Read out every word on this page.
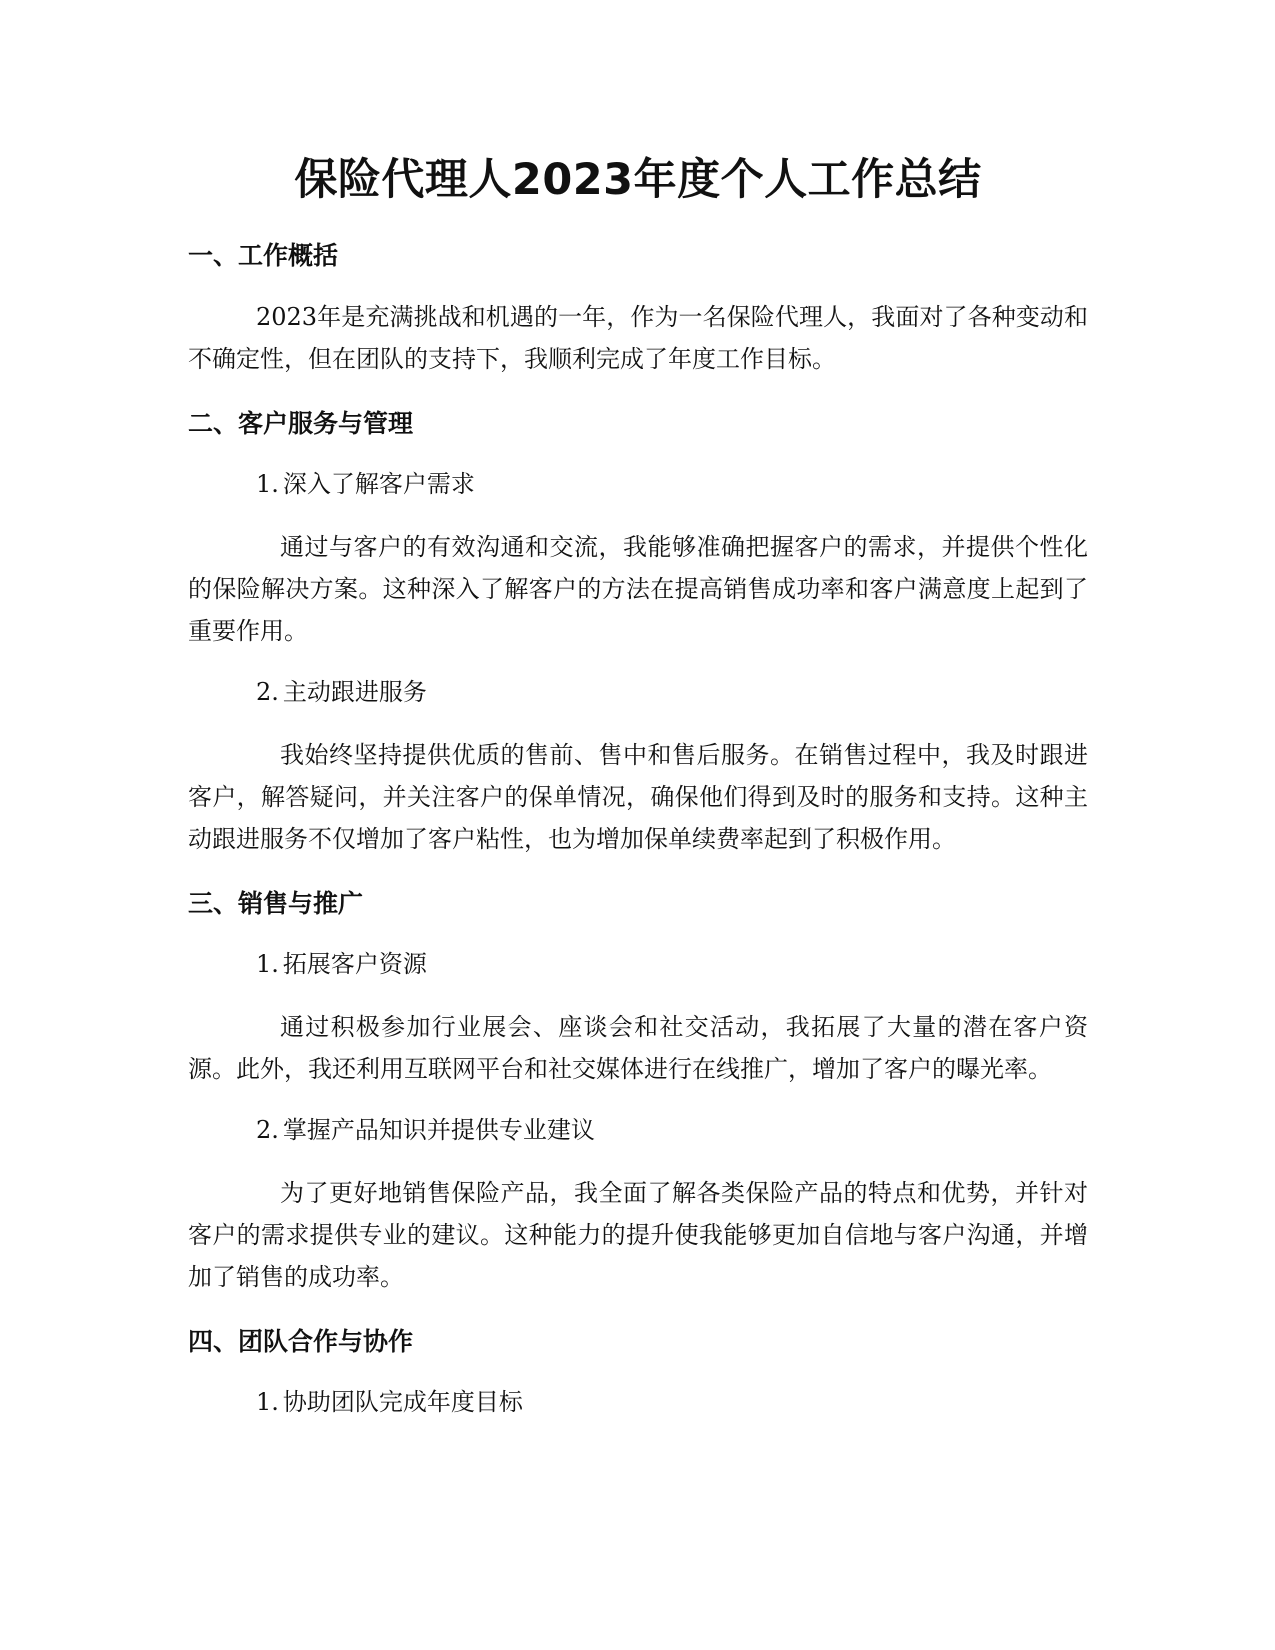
保险代理人2023年度个人工作总结
一、工作概括

2023年是充满挑战和机遇的一年，作为一名保险代理人，我面对了各种变动和不确定性，但在团队的支持下，我顺利完成了年度工作目标。

二、客户服务与管理
1. 深入了解客户需求

通过与客户的有效沟通和交流，我能够准确把握客户的需求，并提供个性化的保险解决方案。这种深入了解客户的方法在提高销售成功率和客户满意度上起到了重要作用。

2. 主动跟进服务

我始终坚持提供优质的售前、售中和售后服务。在销售过程中，我及时跟进客户，解答疑问，并关注客户的保单情况，确保他们得到及时的服务和支持。这种主动跟进服务不仅增加了客户粘性，也为增加保单续费率起到了积极作用。

三、销售与推广
1. 拓展客户资源

通过积极参加行业展会、座谈会和社交活动，我拓展了大量的潜在客户资源。此外，我还利用互联网平台和社交媒体进行在线推广，增加了客户的曝光率。

2. 掌握产品知识并提供专业建议

为了更好地销售保险产品，我全面了解各类保险产品的特点和优势，并针对客户的需求提供专业的建议。这种能力的提升使我能够更加自信地与客户沟通，并增加了销售的成功率。

四、团队合作与协作
1. 协助团队完成年度目标
